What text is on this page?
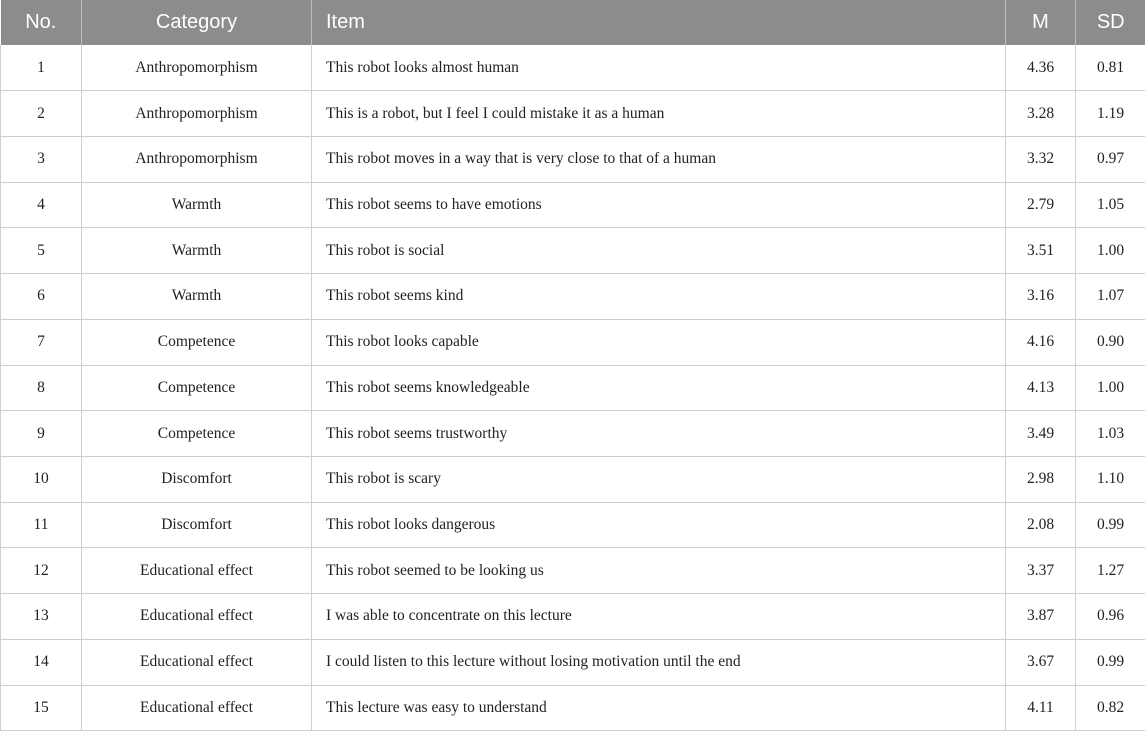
No.	Category	Item	M	SD
1	Anthropomorphism	This robot looks almost human	4.36	0.81
2	Anthropomorphism	This is a robot, but I feel I could mistake it as a human	3.28	1.19
3	Anthropomorphism	This robot moves in a way that is very close to that of a human	3.32	0.97
4	Warmth	This robot seems to have emotions	2.79	1.05
5	Warmth	This robot is social	3.51	1.00
6	Warmth	This robot seems kind	3.16	1.07
7	Competence	This robot looks capable	4.16	0.90
8	Competence	This robot seems knowledgeable	4.13	1.00
9	Competence	This robot seems trustworthy	3.49	1.03
10	Discomfort	This robot is scary	2.98	1.10
11	Discomfort	This robot looks dangerous	2.08	0.99
12	Educational effect	This robot seemed to be looking us	3.37	1.27
13	Educational effect	I was able to concentrate on this lecture	3.87	0.96
14	Educational effect	I could listen to this lecture without losing motivation until the end	3.67	0.99
15	Educational effect	This lecture was easy to understand	4.11	0.82
